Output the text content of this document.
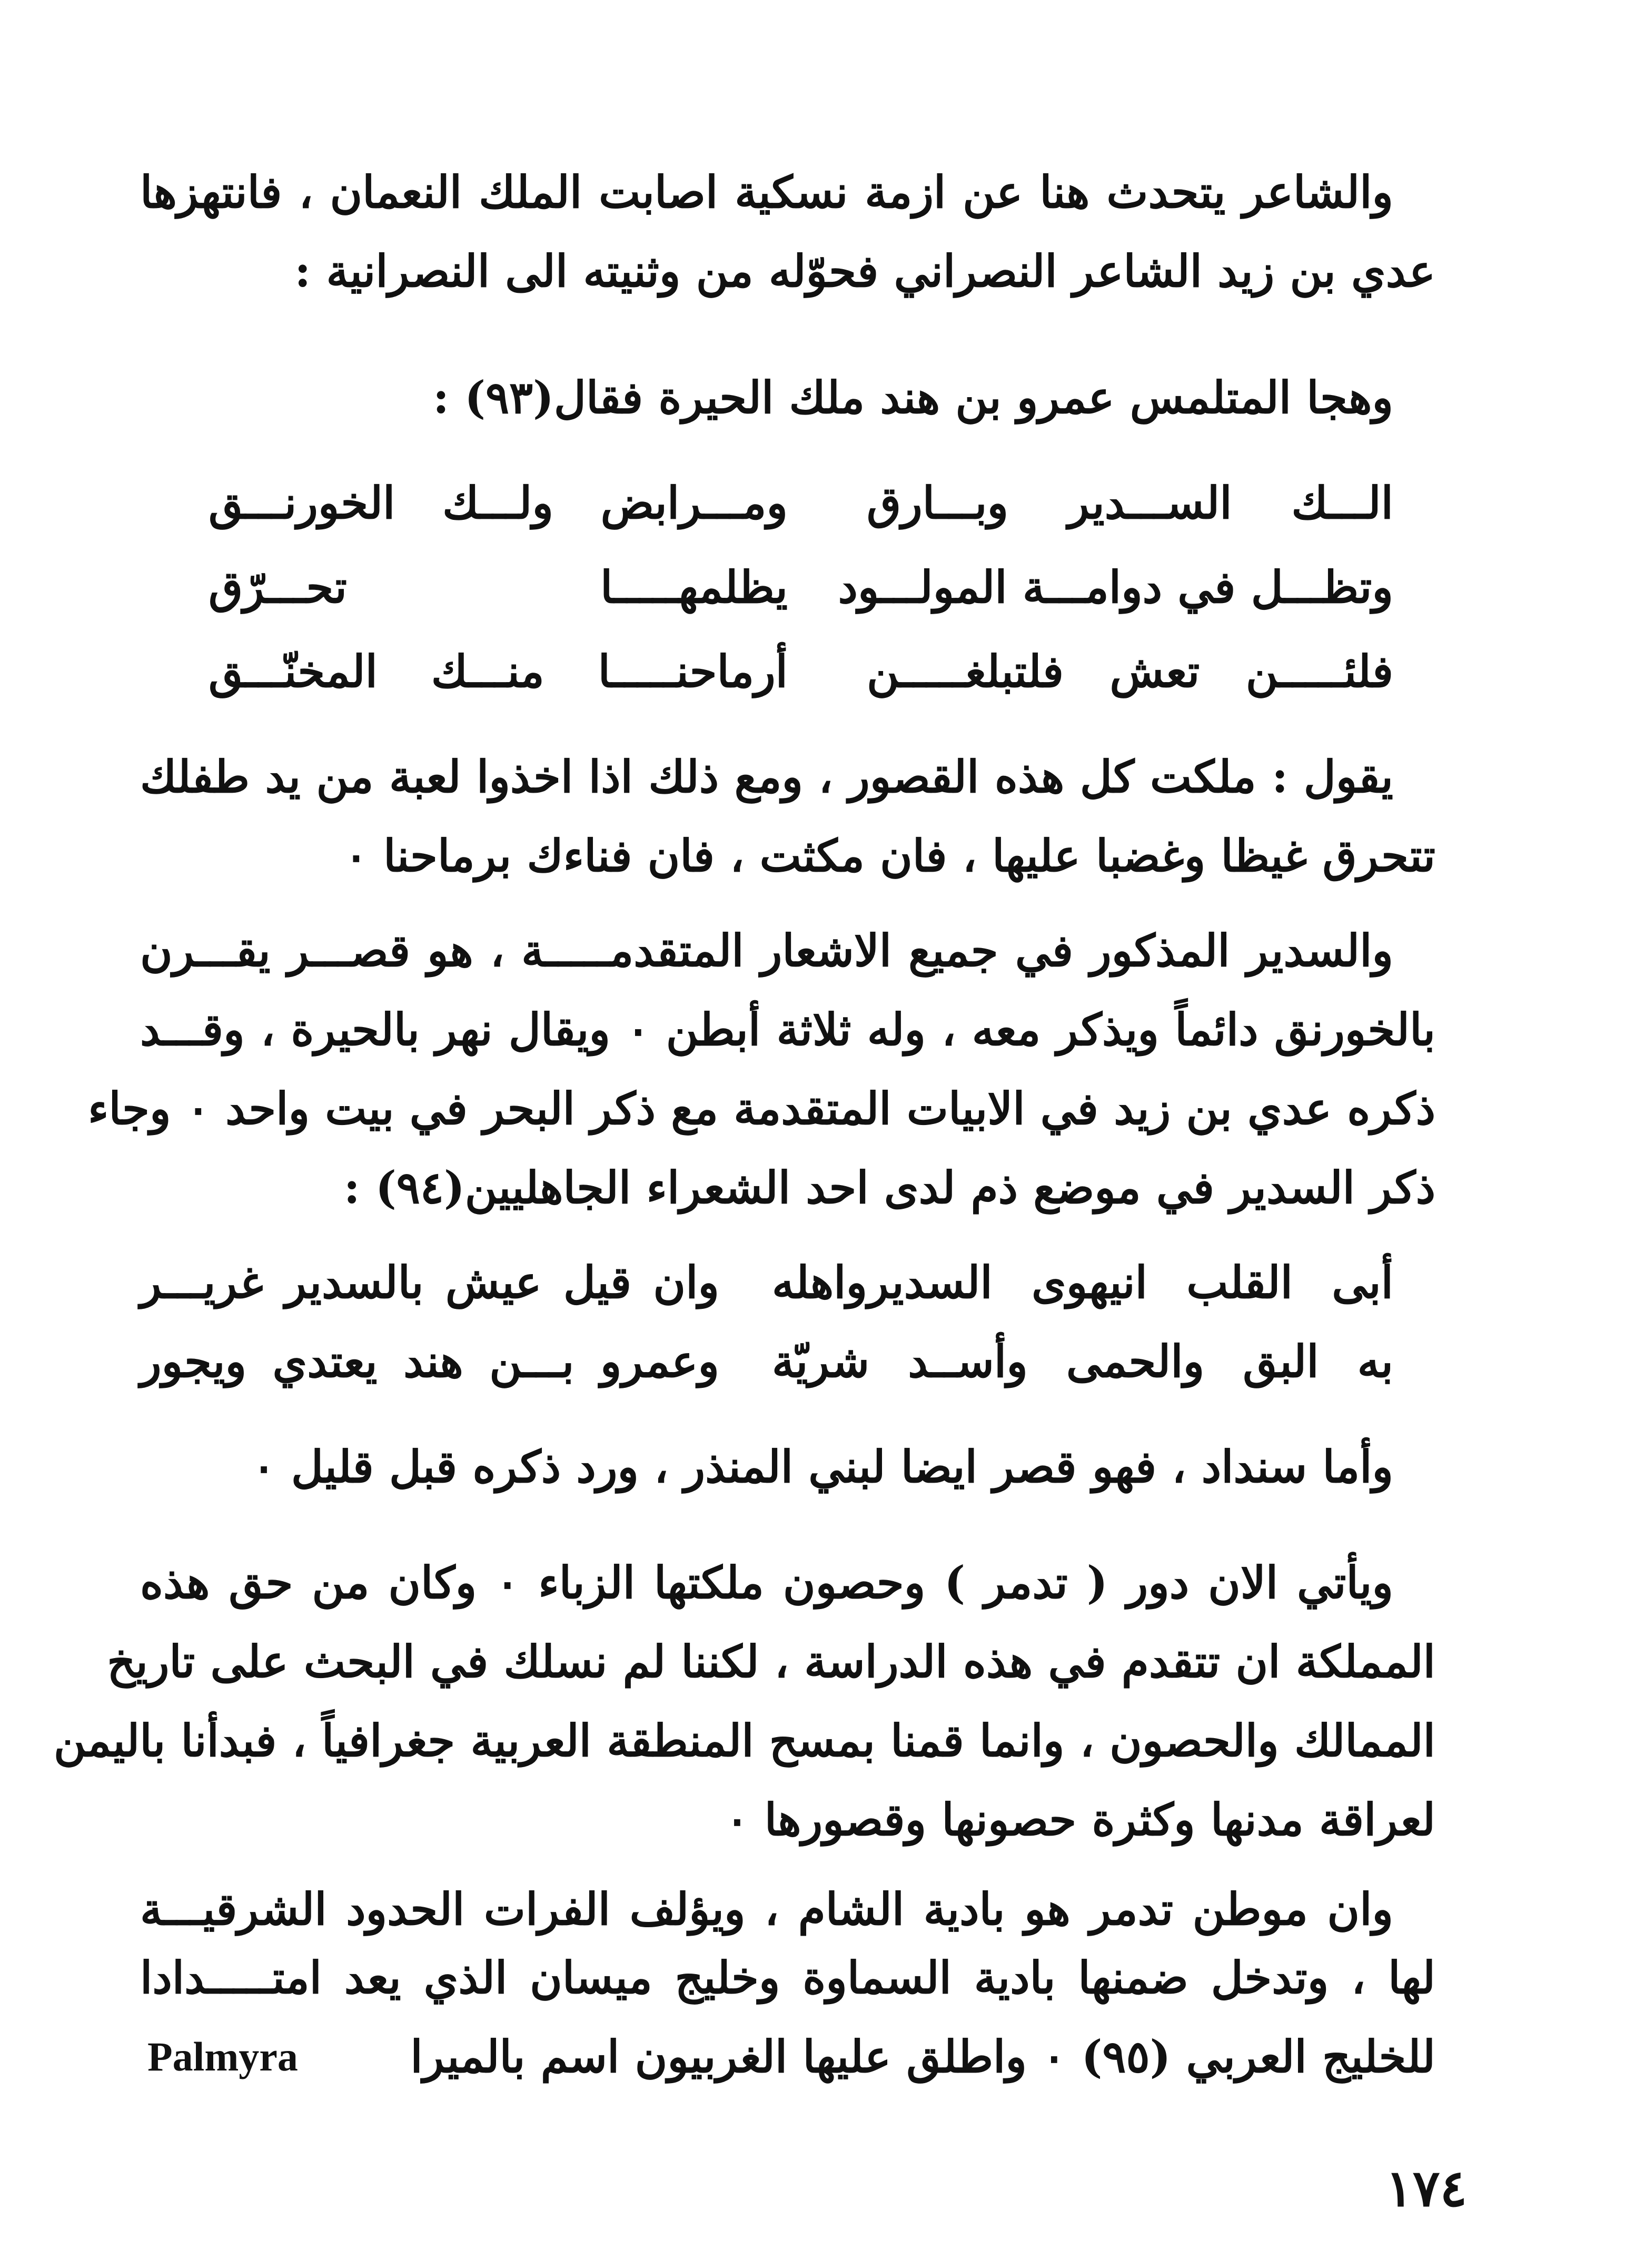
والشاعر يتحدث هنا عن ازمة نسكية اصابت الملك النعمان ، فانتهزها
عدي بن زيد الشاعر النصراني فحوّله من وثنيته الى النصرانية :
وهجا المتلمس عمرو بن هند ملك الحيرة فقال(٩٣) :
الـــك الســـدير وبـــارق
ومـــرابض ولـــك الخورنـــق
وتظـــل في دوامـــة المولـــود
يظلمهـــــا تحـــرّق
فلئـــــن تعش فلتبلغـــــن
أرماحنـــــا منـــك المخنّـــق
يقول : ملكت كل هذه القصور ، ومع ذلك اذا اخذوا لعبة من يد طفلك
تتحرق غيظا وغضبا عليها ، فان مكثت ، فان فناءك برماحنا ٠
والسدير المذكور في جميع الاشعار المتقدمـــــة ، هو قصـــر يقـــرن
بالخورنق دائماً ويذكر معه ، وله ثلاثة أبطن ٠ ويقال نهر بالحيرة ، وقـــد
ذكره عدي بن زيد في الابيات المتقدمة مع ذكر البحر في بيت واحد ٠ وجاء
ذكر السدير في موضع ذم لدى احد الشعراء الجاهليين(٩٤) :
أبى القلب انيهوى السديرواهله
وان قيل عيش بالسدير غريـــر
به البق والحمى وأســد شريّة
وعمرو بـــن هند يعتدي ويجور
وأما سنداد ، فهو قصر ايضا لبني المنذر ، ورد ذكره قبل قليل ٠
ويأتي الان دور ( تدمر ) وحصون ملكتها الزباء ٠ وكان من حق هذه
المملكة ان تتقدم في هذه الدراسة ، لكننا لم نسلك في البحث على تاريخ
الممالك والحصون ، وانما قمنا بمسح المنطقة العربية جغرافياً ، فبدأنا باليمن
لعراقة مدنها وكثرة حصونها وقصورها ٠
وان موطن تدمر هو بادية الشام ، ويؤلف الفرات الحدود الشرقيـــة
لها ، وتدخل ضمنها بادية السماوة وخليج ميسان الذي يعد امتـــــدادا
للخليج العربي (٩٥) ٠ واطلق عليها الغربيون اسم بالميرا
Palmyra
١٧٤
